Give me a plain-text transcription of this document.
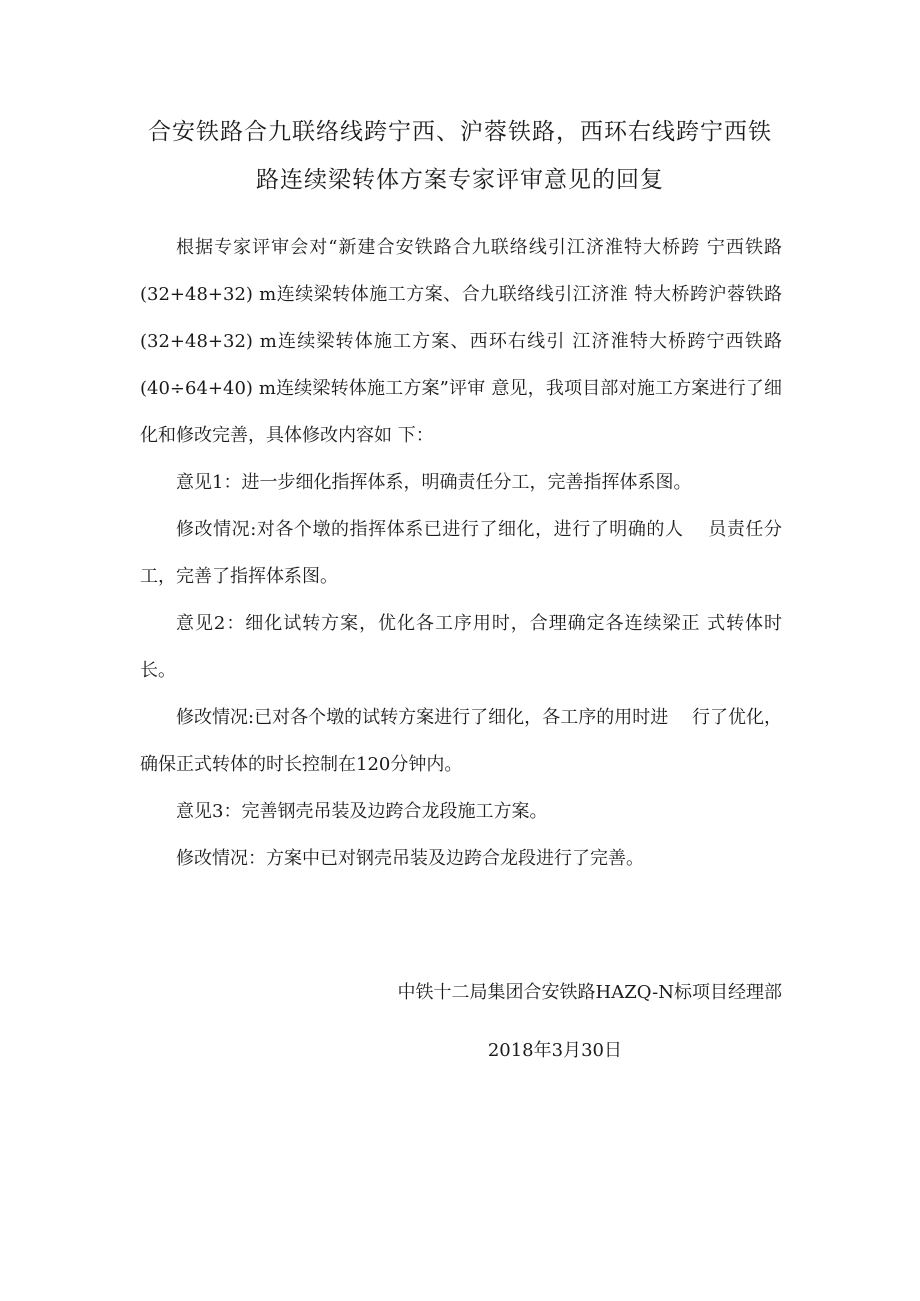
合安铁路合九联络线跨宁西、沪蓉铁路，西环右线跨宁西铁
路连续梁转体方案专家评审意见的回复

根据专家评审会对“新建合安铁路合九联络线引江济淮特大桥跨 宁西铁路(32+48+32) m连续梁转体施工方案、合九联络线引江济淮 特大桥跨沪蓉铁路(32+48+32) m连续梁转体施工方案、西环右线引 江济淮特大桥跨宁西铁路(40÷64+40) m连续梁转体施工方案”评审 意见，我项目部对施工方案进行了细化和修改完善，具体修改内容如 下：

意见1：进一步细化指挥体系，明确责任分工，完善指挥体系图。

修改情况:对各个墩的指挥体系已进行了细化，进行了明确的人　 员责任分工，完善了指挥体系图。

意见2：细化试转方案，优化各工序用时，合理确定各连续梁正 式转体时长。

修改情况:已对各个墩的试转方案进行了细化，各工序的用时进　 行了优化，确保正式转体的时长控制在120分钟内。

意见3：完善钢壳吊装及边跨合龙段施工方案。

修改情况：方案中已对钢壳吊装及边跨合龙段进行了完善。

中铁十二局集团合安铁路HAZQ-N标项目经理部
2018年3月30日
